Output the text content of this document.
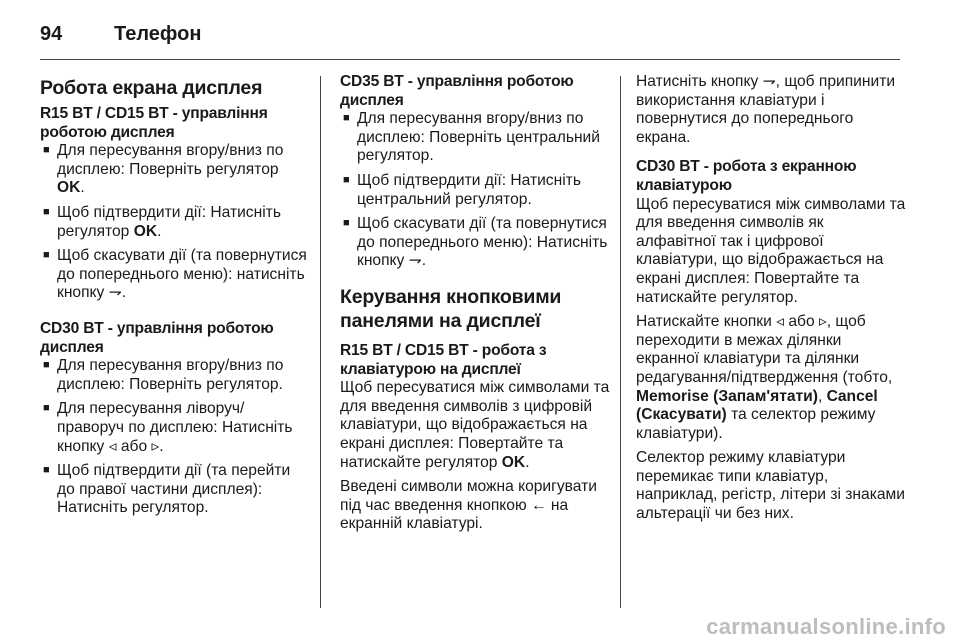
94	Телефон
Робота екрана дисплея
R15 BT / CD15 BT - управління роботою дисплея
■ Для пересування вгору/вниз по дисплею: Поверніть регулятор OK.
■ Щоб підтвердити дії: Натисніть регулятор OK.
■ Щоб скасувати дії (та повернутися до попереднього меню): натисніть кнопку ⇁.
CD30 BT - управління роботою дисплея
■ Для пересування вгору/вниз по дисплею: Поверніть регулятор.
■ Для пересування ліворуч/праворуч по дисплею: Натисніть кнопку ◃ або ▹.
■ Щоб підтвердити дії (та перейти до правої частини дисплея): Натисніть регулятор.
CD35 BT - управління роботою дисплея
■ Для пересування вгору/вниз по дисплею: Поверніть центральний регулятор.
■ Щоб підтвердити дії: Натисніть центральний регулятор.
■ Щоб скасувати дії (та повернутися до попереднього меню): Натисніть кнопку ⇁.
Керування кнопковими панелями на дисплеї
R15 BT / CD15 BT - робота з клавіатурою на дисплеї

Щоб пересуватися між символами та для введення символів з цифровій клавіатури, що відображається на екрані дисплея: Повертайте та натискайте регулятор OK.

Введені символи можна коригувати під час введення кнопкою ← на екранній клавіатурі.

Натисніть кнопку ⇁, щоб припинити використання клавіатури і повернутися до попереднього екрана.

CD30 BT - робота з екранною клавіатурою

Щоб пересуватися між символами та для введення символів як алфавітної так і цифрової клавіатури, що відображається на екрані дисплея: Повертайте та натискайте регулятор.

Натискайте кнопки ◃ або ▹, щоб переходити в межах ділянки екранної клавіатури та ділянки редагування/підтвердження (тобто, Memorise (Запам'ятати), Cancel (Скасувати) та селектор режиму клавіатури).

Селектор режиму клавіатури перемикає типи клавіатур, наприклад, регістр, літери зі знаками альтерації чи без них.

carmanualsonline.info
